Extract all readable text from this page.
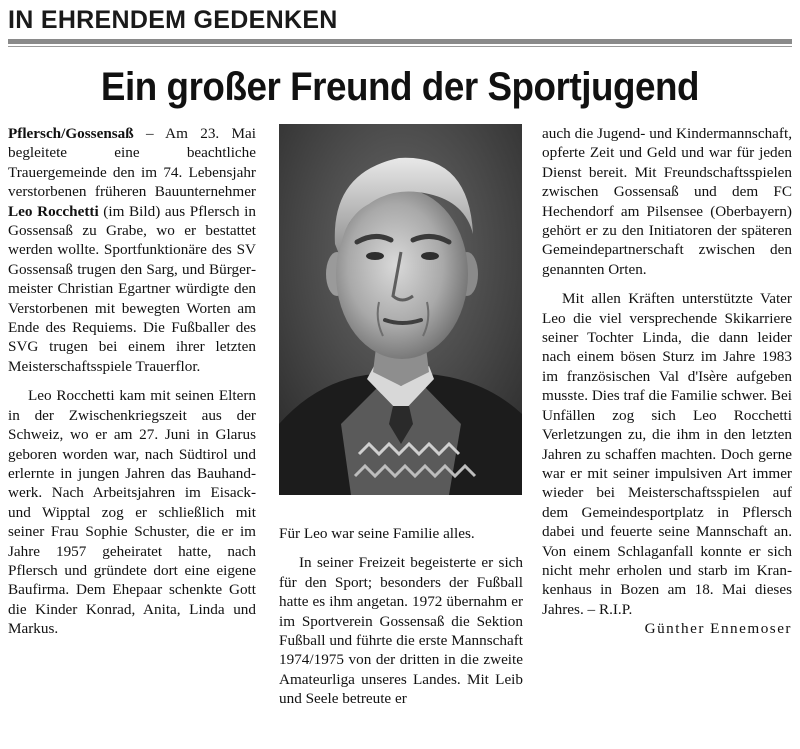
IN EHRENDEM GEDENKEN
Ein großer Freund der Sportjugend

Pflersch/Gossensaß – Am 23. Mai begleitete eine beachtliche Trauergemeinde den im 74. Lebensjahr verstorbenen früheren Bauunternehmer Leo Rocchetti (im Bild) aus Pflersch in Gossensaß zu Grabe, wo er bestattet werden wollte. Sportfunktionäre des SV Gossensaß trugen den Sarg, und Bürgermeister Christian Egartner würdigte den Verstorbenen mit bewegten Worten am Ende des Requiems. Die Fußballer des SVG trugen bei einem ihrer letzten Meisterschaftsspiele Trauerflor.

Leo Rocchetti kam mit seinen Eltern in der Zwischenkriegszeit aus der Schweiz, wo er am 27. Juni in Glarus geboren worden war, nach Südtirol und erlernte in jungen Jahren das Bauhandwerk. Nach Arbeitsjahren im Eisack- und Wipptal zog er schließlich mit seiner Frau Sophie Schuster, die er im Jahre 1957 geheiratet hatte, nach Pflersch und gründete dort eine eigene Baufirma. Dem Ehepaar schenkte Gott die Kinder Konrad, Anita, Linda und Markus.

Für Leo war seine Familie alles.

In seiner Freizeit begeisterte er sich für den Sport; besonders der Fußball hatte es ihm angetan. 1972 übernahm er im Sportverein Gossensaß die Sektion Fußball und führte die erste Mannschaft 1974/1975 von der dritten in die zweite Amateurliga unseres Landes. Mit Leib und Seele betreute er

auch die Jugend- und Kindermannschaft, opferte Zeit und Geld und war für jeden Dienst bereit. Mit Freundschaftsspielen zwischen Gossensaß und dem FC Hechendorf am Pilsensee (Oberbayern) gehört er zu den Initiatoren der späteren Gemeindepartnerschaft zwischen den genannten Orten.

Mit allen Kräften unterstützte Vater Leo die viel versprechende Skikarriere seiner Tochter Linda, die dann leider nach einem bösen Sturz im Jahre 1983 im französischen Val d'Isère aufgeben musste. Dies traf die Familie schwer. Bei Unfällen zog sich Leo Rocchetti Verletzungen zu, die ihm in den letzten Jahren zu schaffen machten. Doch gerne war er mit seiner impulsiven Art immer wieder bei Meisterschaftsspielen auf dem Gemeindesportplatz in Pflersch dabei und feuerte seine Mannschaft an. Von einem Schlaganfall konnte er sich nicht mehr erholen und starb im Krankenhaus in Bozen am 18. Mai dieses Jahres. – R.I.P.

Günther Ennemoser
